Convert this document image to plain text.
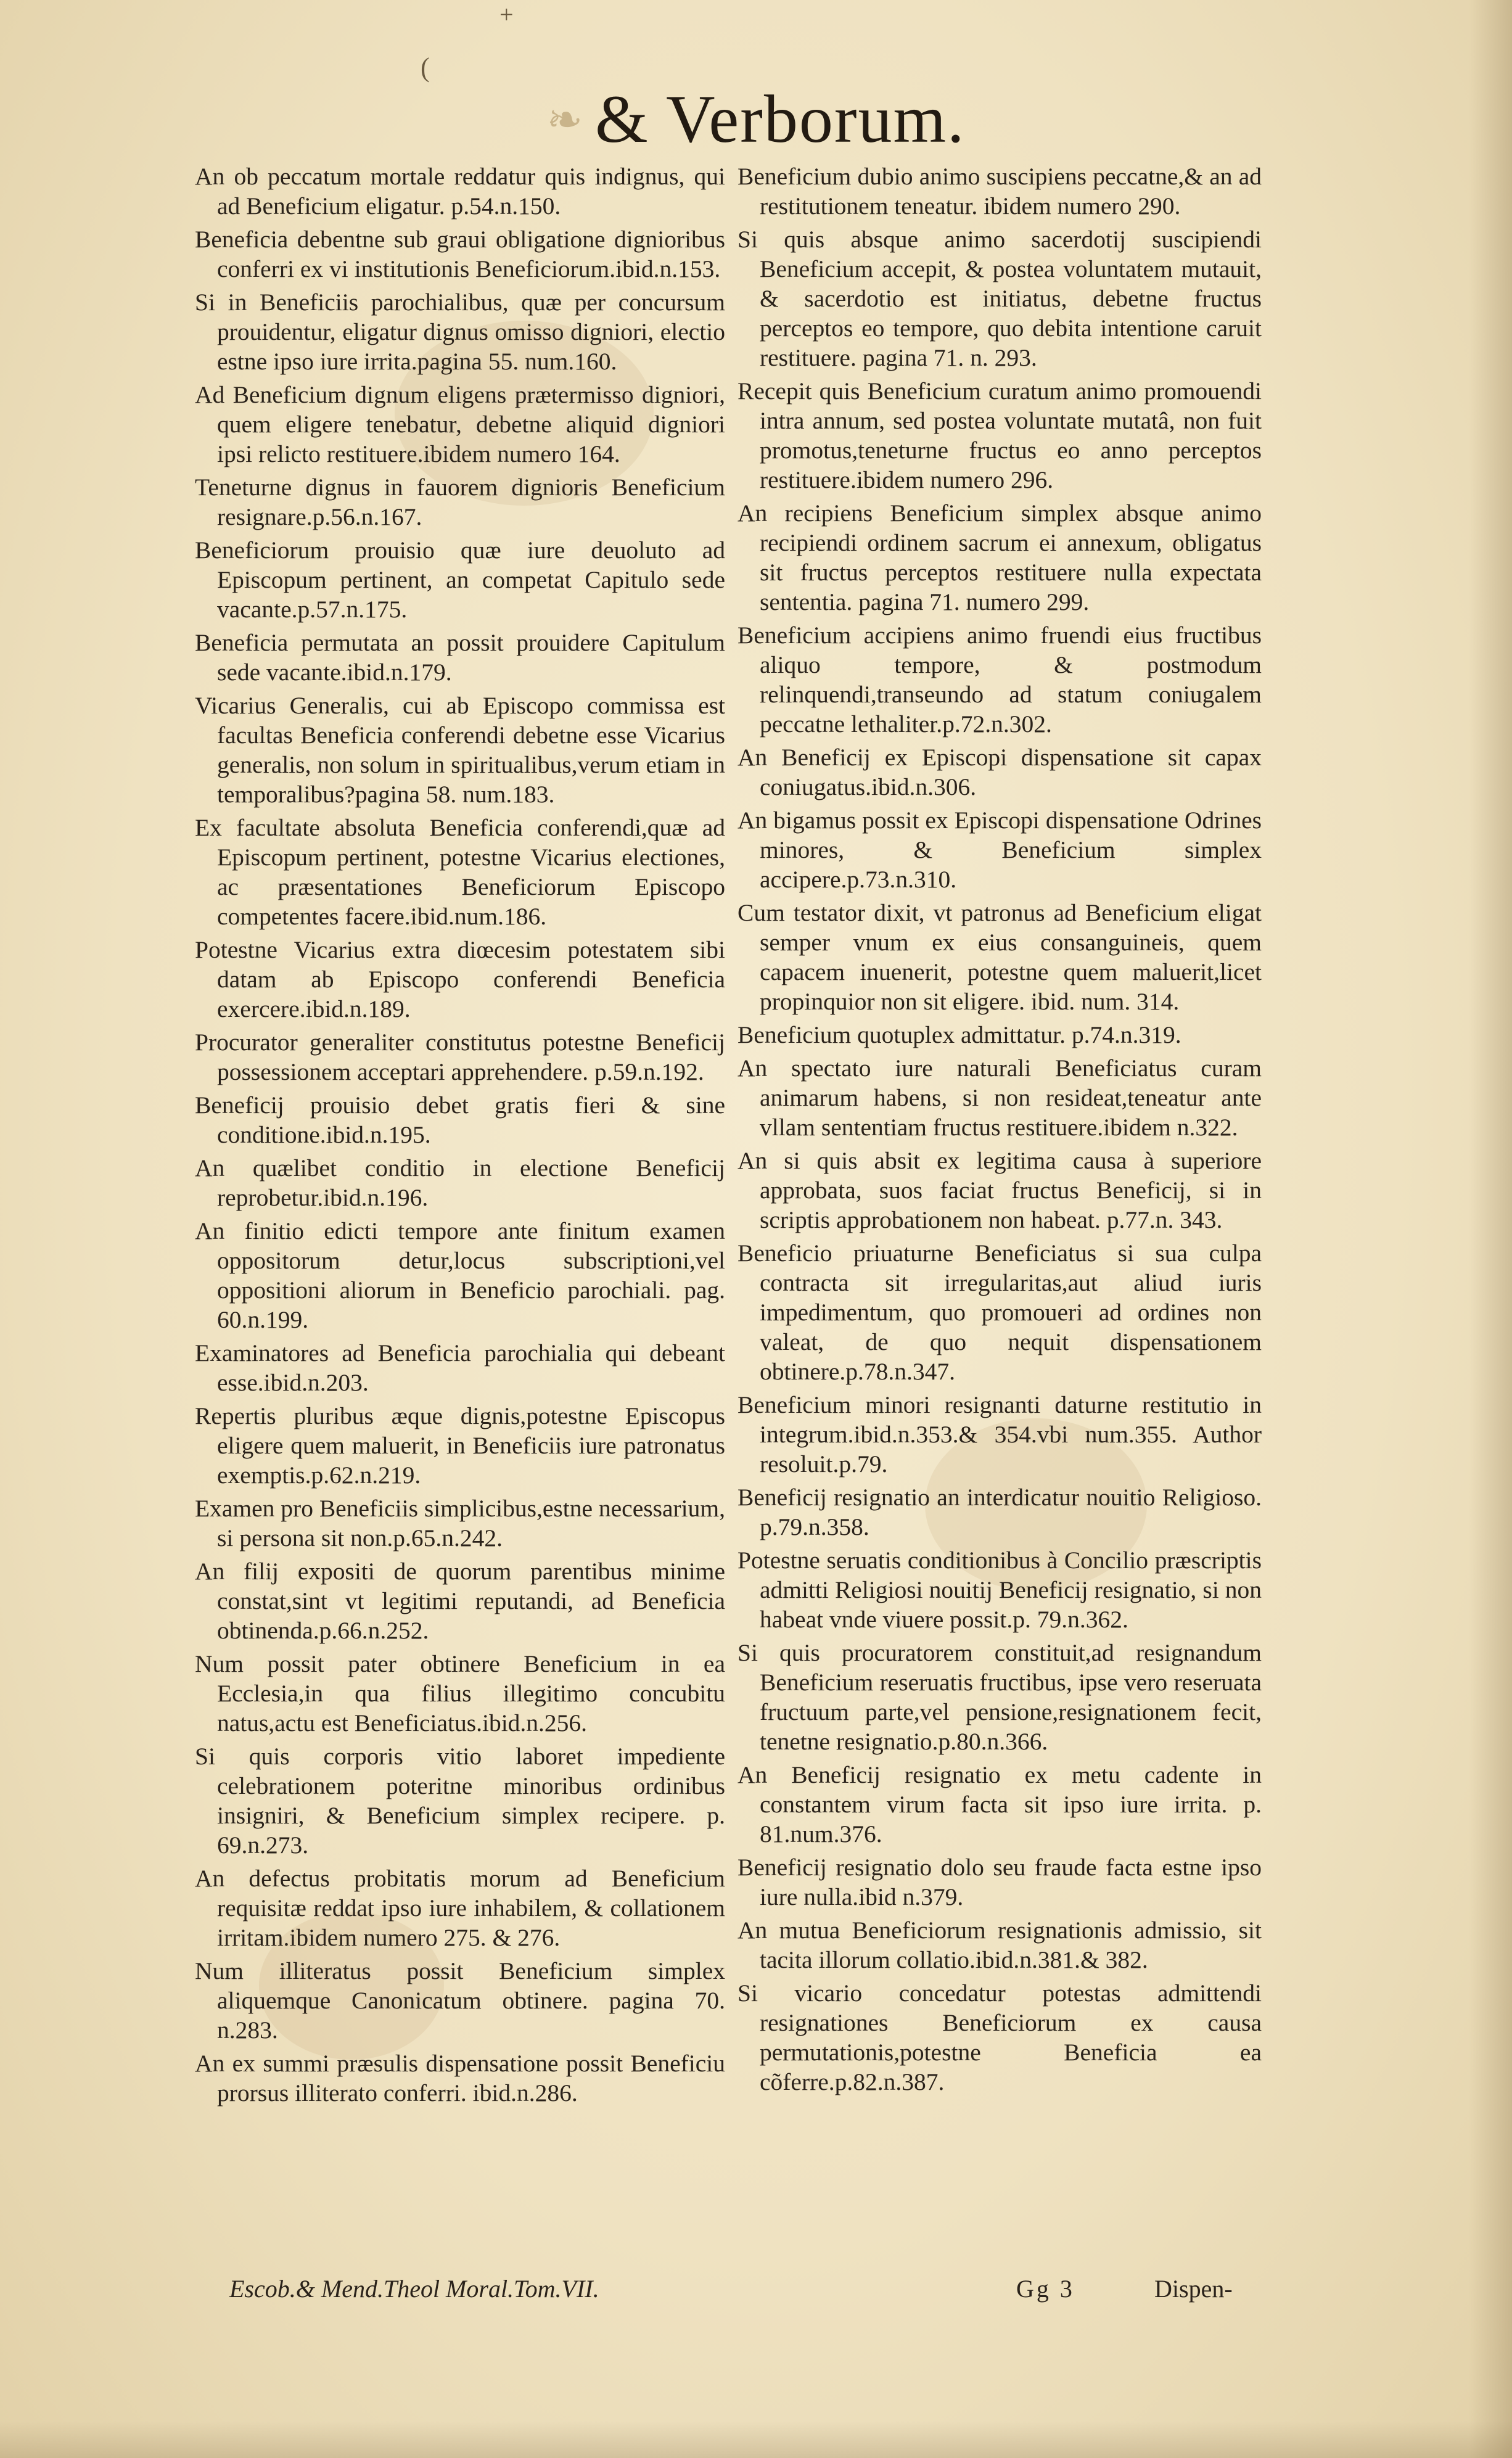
+
(
❧ & Verborum.

An ob peccatum mortale reddatur quis indignus, qui ad Beneficium eligatur. p.54.n.150.

Beneficia debentne sub graui obligatione dignioribus conferri ex vi institutionis Beneficiorum.ibid.n.153.

Si in Beneficiis parochialibus, quæ per concursum prouidentur, eligatur dignus omisso digniori, electio estne ipso iure irrita.pagina 55. num.160.

Ad Beneficium dignum eligens prætermisso digniori, quem eligere tenebatur, debetne aliquid digniori ipsi relicto restituere.ibidem numero 164.

Teneturne dignus in fauorem dignioris Beneficium resignare.p.56.n.167.

Beneficiorum prouisio quæ iure deuoluto ad Episcopum pertinent, an competat Capitulo sede vacante.p.57.n.175.

Beneficia permutata an possit prouidere Capitulum sede vacante.ibid.n.179.

Vicarius Generalis, cui ab Episcopo commissa est facultas Beneficia conferendi debetne esse Vicarius generalis, non solum in spiritualibus,verum etiam in temporalibus?pagina 58. num.183.

Ex facultate absoluta Beneficia conferendi,quæ ad Episcopum pertinent, potestne Vicarius electiones, ac præsentationes Beneficiorum Episcopo competentes facere.ibid.num.186.

Potestne Vicarius extra diœcesim potestatem sibi datam ab Episcopo conferendi Beneficia exercere.ibid.n.189.

Procurator generaliter constitutus potestne Beneficij possessionem acceptari apprehendere. p.59.n.192.

Beneficij prouisio debet gratis fieri & sine conditione.ibid.n.195.

An quælibet conditio in electione Beneficij reprobetur.ibid.n.196.

An finitio edicti tempore ante finitum examen oppositorum detur,locus subscriptioni,vel oppositioni aliorum in Beneficio parochiali. pag. 60.n.199.

Examinatores ad Beneficia parochialia qui debeant esse.ibid.n.203.

Repertis pluribus æque dignis,potestne Episcopus eligere quem maluerit, in Beneficiis iure patronatus exemptis.p.62.n.219.

Examen pro Beneficiis simplicibus,estne necessarium, si persona sit non.p.65.n.242.

An filij expositi de quorum parentibus minime constat,sint vt legitimi reputandi, ad Beneficia obtinenda.p.66.n.252.

Num possit pater obtinere Beneficium in ea Ecclesia,in qua filius illegitimo concubitu natus,actu est Beneficiatus.ibid.n.256.

Si quis corporis vitio laboret impediente celebrationem poteritne minoribus ordinibus insigniri, & Beneficium simplex recipere. p. 69.n.273.

An defectus probitatis morum ad Beneficium requisitæ reddat ipso iure inhabilem, & collationem irritam.ibidem numero 275. & 276.

Num illiteratus possit Beneficium simplex aliquemque Canonicatum obtinere. pagina 70. n.283.

An ex summi præsulis dispensatione possit Beneficiu prorsus illiterato conferri. ibid.n.286.

Beneficium dubio animo suscipiens peccatne,& an ad restitutionem teneatur. ibidem numero 290.

Si quis absque animo sacerdotij suscipiendi Beneficium accepit, & postea voluntatem mutauit, & sacerdotio est initiatus, debetne fructus perceptos eo tempore, quo debita intentione caruit restituere. pagina 71. n. 293.

Recepit quis Beneficium curatum animo promouendi intra annum, sed postea voluntate mutatâ, non fuit promotus,teneturne fructus eo anno perceptos restituere.ibidem numero 296.

An recipiens Beneficium simplex absque animo recipiendi ordinem sacrum ei annexum, obligatus sit fructus perceptos restituere nulla expectata sententia. pagina 71. numero 299.

Beneficium accipiens animo fruendi eius fructibus aliquo tempore, & postmodum relinquendi,transeundo ad statum coniugalem peccatne lethaliter.p.72.n.302.

An Beneficij ex Episcopi dispensatione sit capax coniugatus.ibid.n.306.

An bigamus possit ex Episcopi dispensatione Odrines minores, & Beneficium simplex accipere.p.73.n.310.

Cum testator dixit, vt patronus ad Beneficium eligat semper vnum ex eius consanguineis, quem capacem inuenerit, potestne quem maluerit,licet propinquior non sit eligere. ibid. num. 314.

Beneficium quotuplex admittatur. p.74.n.319.

An spectato iure naturali Beneficiatus curam animarum habens, si non resideat,teneatur ante vllam sententiam fructus restituere.ibidem n.322.

An si quis absit ex legitima causa à superiore approbata, suos faciat fructus Beneficij, si in scriptis approbationem non habeat. p.77.n. 343.

Beneficio priuaturne Beneficiatus si sua culpa contracta sit irregularitas,aut aliud iuris impedimentum, quo promoueri ad ordines non valeat, de quo nequit dispensationem obtinere.p.78.n.347.

Beneficium minori resignanti daturne restitutio in integrum.ibid.n.353.& 354.vbi num.355. Author resoluit.p.79.

Beneficij resignatio an interdicatur nouitio Religioso. p.79.n.358.

Potestne seruatis conditionibus à Concilio præscriptis admitti Religiosi nouitij Beneficij resignatio, si non habeat vnde viuere possit.p. 79.n.362.

Si quis procuratorem constituit,ad resignandum Beneficium reseruatis fructibus, ipse vero reseruata fructuum parte,vel pensione,resignationem fecit, tenetne resignatio.p.80.n.366.

An Beneficij resignatio ex metu cadente in constantem virum facta sit ipso iure irrita. p. 81.num.376.

Beneficij resignatio dolo seu fraude facta estne ipso iure nulla.ibid n.379.

An mutua Beneficiorum resignationis admissio, sit tacita illorum collatio.ibid.n.381.& 382.

Si vicario concedatur potestas admittendi resignationes Beneficiorum ex causa permutationis,potestne Beneficia ea cõferre.p.82.n.387.

Escob.& Mend.Theol Moral.Tom.VII.	Gg 3	Dispen-
